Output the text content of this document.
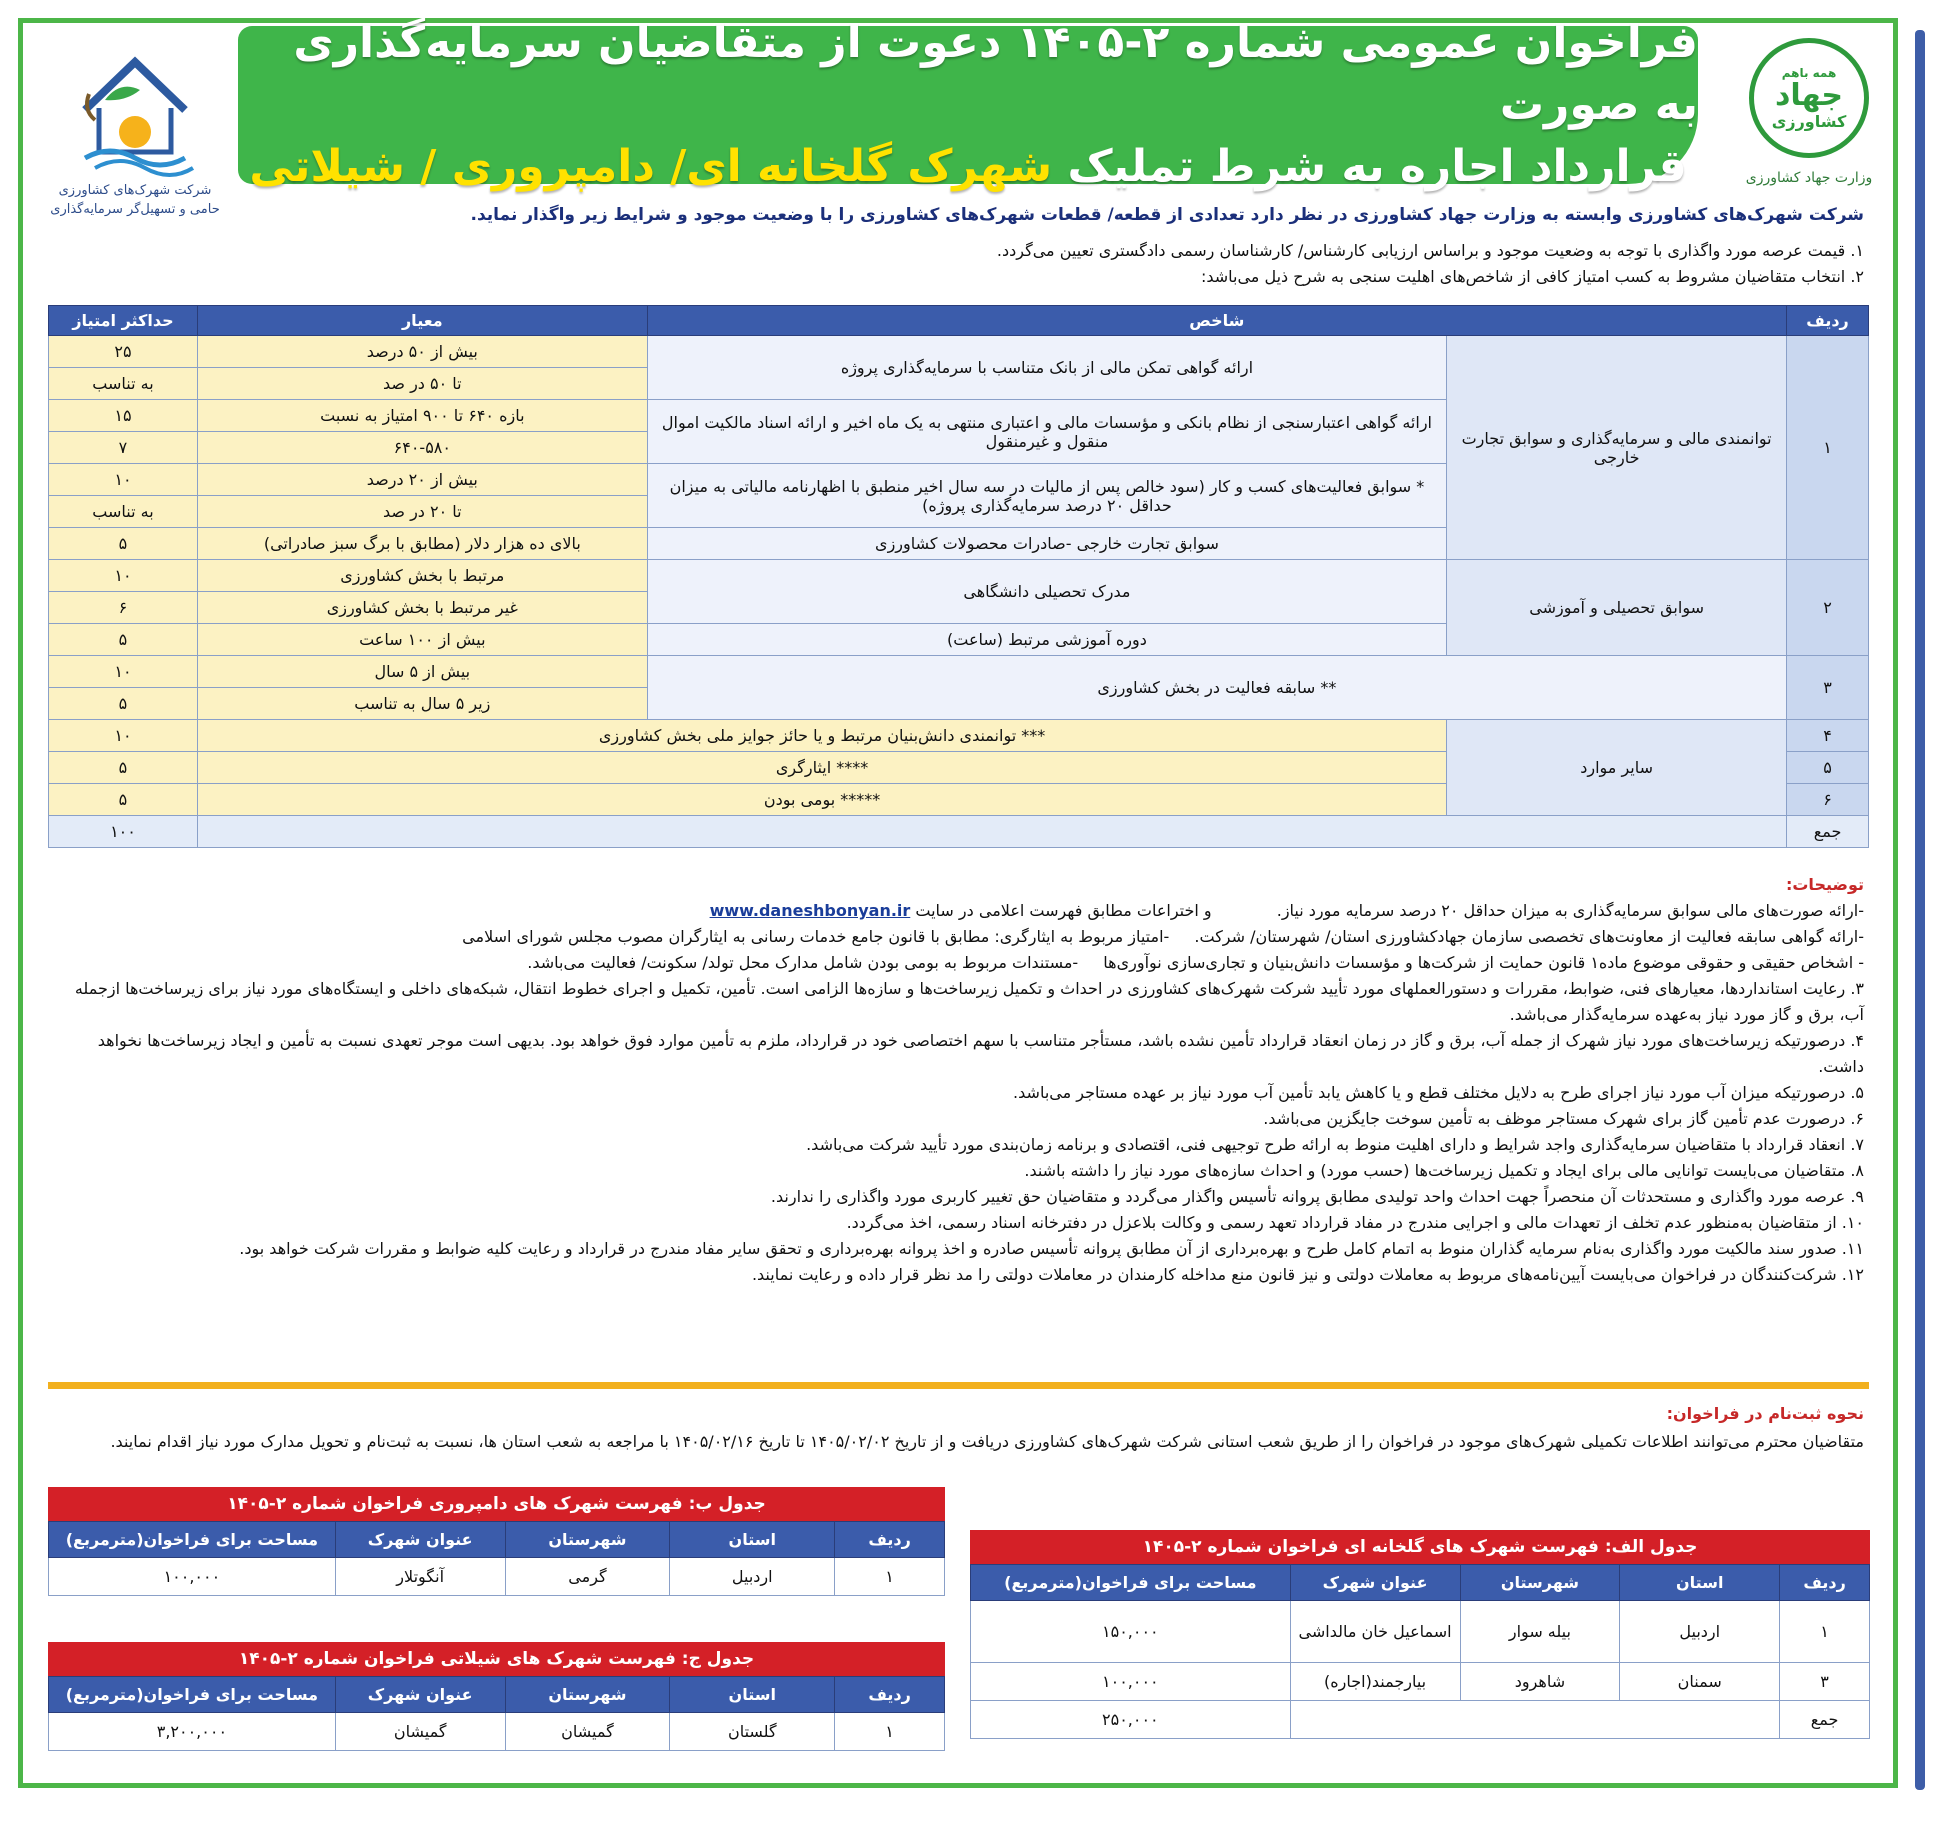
همه باهم
جهاد
کشاورزی
وزارت جهاد کشاورزی
شرکت شهرک‌های کشاورزی
حامی و تسهیل‌گر سرمایه‌گذاری
فراخوان عمومی شماره ۲-۱۴۰۵ دعوت از متقاضیان سرمایه‌گذاری به صورت
قرارداد اجاره به شرط تملیک شهرک گلخانه ای/ دامپروری / شیلاتی
شرکت شهرک‌های کشاورزی وابسته به وزارت جهاد کشاورزی در نظر دارد تعدادی از قطعه/ قطعات شهرک‌های کشاورزی را با وضعیت موجود و شرایط زیر واگذار نماید.
۱. قیمت عرصه مورد واگذاری با توجه به وضعیت موجود و براساس ارزیابی کارشناس/ کارشناسان رسمی دادگستری تعیین می‌گردد.
۲. انتخاب متقاضیان مشروط به کسب امتیاز کافی از شاخص‌های اهلیت سنجی به شرح ذیل می‌باشد:
ردیف	شاخص		معیار	حداکثر امتیاز
۱	توانمندی مالی و سرمایه‌گذاری و سوابق تجارت خارجی	ارائه گواهی تمکن مالی از بانک متناسب با سرمایه‌گذاری پروژه	بیش از ۵۰ درصد	۲۵
			تا ۵۰ در صد	به تناسب
		ارائه گواهی اعتبارسنجی از نظام بانکی و مؤسسات مالی و اعتباری منتهی به یک ماه اخیر و ارائه اسناد مالکیت اموال منقول و غیرمنقول	بازه ۶۴۰ تا ۹۰۰ امتیاز به نسبت	۱۵
			۶۴۰-۵۸۰	۷
		* سوابق فعالیت‌های کسب و کار (سود خالص پس از مالیات در سه سال اخیر منطبق با اظهارنامه مالیاتی به میزان حداقل ۲۰ درصد سرمایه‌گذاری پروژه)	بیش از ۲۰ درصد	۱۰
			تا ۲۰ در صد	به تناسب
		سوابق تجارت خارجی -صادرات محصولات کشاورزی	بالای ده هزار دلار (مطابق با برگ سبز صادراتی)	۵
۲	سوابق تحصیلی و آموزشی	مدرک تحصیلی دانشگاهی	مرتبط با بخش کشاورزی	۱۰
			غیر مرتبط با بخش کشاورزی	۶
		دوره آموزشی مرتبط (ساعت)	بیش از ۱۰۰ ساعت	۵
۳	** سابقه فعالیت در بخش کشاورزی		بیش از ۵ سال	۱۰
			زیر ۵ سال به تناسب	۵
۴	سایر موارد	*** توانمندی دانش‌بنیان مرتبط و یا حائز جوایز ملی بخش کشاورزی		۱۰
۵		**** ایثارگری		۵
۶		***** بومی بودن		۵
جمع				۱۰۰
توضیحات:
-ارائه صورت‌های مالی سوابق سرمایه‌گذاری به میزان حداقل ۲۰ درصد سرمایه مورد نیاز. و اختراعات مطابق فهرست اعلامی در سایت www.daneshbonyan.ir
-ارائه گواهی سابقه فعالیت از معاونت‌های تخصصی سازمان جهادکشاورزی استان/ شهرستان/ شرکت. -امتیاز مربوط به ایثارگری: مطابق با قانون جامع خدمات رسانی به ایثارگران مصوب مجلس شورای اسلامی
- اشخاص حقیقی و حقوقی موضوع ماده۱ قانون حمایت از شرکت‌ها و مؤسسات دانش‌بنیان و تجاری‌سازی نوآوری‌ها -مستندات مربوط به بومی بودن شامل مدارک محل تولد/ سکونت/ فعالیت می‌باشد.
۳. رعایت استانداردها، معیارهای فنی، ضوابط، مقررات و دستورالعملهای مورد تأیید شرکت شهرک‌های کشاورزی در احداث و تکمیل زیرساخت‌ها و سازه‌ها الزامی است. تأمین، تکمیل و اجرای خطوط انتقال، شبکه‌های داخلی و ایستگاه‌های مورد نیاز برای زیرساخت‌ها ازجمله آب، برق و گاز مورد نیاز به‌عهده سرمایه‌گذار می‌باشد.
۴. درصورتیکه زیرساخت‌های مورد نیاز شهرک از جمله آب، برق و گاز در زمان انعقاد قرارداد تأمین نشده باشد، مستأجر متناسب با سهم اختصاصی خود در قرارداد، ملزم به تأمین موارد فوق خواهد بود. بدیهی است موجر تعهدی نسبت به تأمین و ایجاد زیرساخت‌ها نخواهد داشت.
۵. درصورتیکه میزان آب مورد نیاز اجرای طرح به دلایل مختلف قطع و یا کاهش یابد تأمین آب مورد نیاز بر عهده مستاجر می‌باشد.
۶. درصورت عدم تأمین گاز برای شهرک مستاجر موظف به تأمین سوخت جایگزین می‌باشد.
۷. انعقاد قرارداد با متقاضیان سرمایه‌گذاری واجد شرایط و دارای اهلیت منوط به ارائه طرح توجیهی فنی، اقتصادی و برنامه زمان‌بندی مورد تأیید شرکت می‌باشد.
۸. متقاضیان می‌بایست توانایی مالی برای ایجاد و تکمیل زیرساخت‌ها (حسب مورد) و احداث سازه‌های مورد نیاز را داشته باشند.
۹. عرصه مورد واگذاری و مستحدثات آن منحصراً جهت احداث واحد تولیدی مطابق پروانه تأسیس واگذار می‌گردد و متقاضیان حق تغییر کاربری مورد واگذاری را ندارند.
۱۰. از متقاضیان به‌منظور عدم تخلف از تعهدات مالی و اجرایی مندرج در مفاد قرارداد تعهد رسمی و وکالت بلاعزل در دفترخانه اسناد رسمی، اخذ می‌گردد.
۱۱. صدور سند مالکیت مورد واگذاری به‌نام سرمایه گذاران منوط به اتمام کامل طرح و بهره‌برداری از آن مطابق پروانه تأسیس صادره و اخذ پروانه بهره‌برداری و تحقق سایر مفاد مندرج در قرارداد و رعایت کلیه ضوابط و مقررات شرکت خواهد بود.
۱۲. شرکت‌کنندگان در فراخوان می‌بایست آیین‌نامه‌های مربوط به معاملات دولتی و نیز قانون منع مداخله کارمندان در معاملات دولتی را مد نظر قرار داده و رعایت نمایند.
نحوه ثبت‌نام در فراخوان:
متقاضیان محترم می‌توانند اطلاعات تکمیلی شهرک‌های موجود در فراخوان را از طریق شعب استانی شرکت شهرک‌های کشاورزی دریافت و از تاریخ ۱۴۰۵/۰۲/۰۲ تا تاریخ ۱۴۰۵/۰۲/۱۶ با مراجعه به شعب استان ها، نسبت به ثبت‌نام و تحویل مدارک مورد نیاز اقدام نمایند.
جدول الف: فهرست شهرک های گلخانه ای فراخوان شماره ۲-۱۴۰۵
ردیف	استان	شهرستان	عنوان شهرک	مساحت برای فراخوان(مترمربع)
۱	اردبیل	بیله سوار	اسماعیل خان مالداشی	۱۵۰,۰۰۰
۳	سمنان	شاهرود	بیارجمند(اجاره)	۱۰۰,۰۰۰
جمع				۲۵۰,۰۰۰
جدول ب: فهرست شهرک های دامپروری فراخوان شماره ۲-۱۴۰۵
ردیف	استان	شهرستان	عنوان شهرک	مساحت برای فراخوان(مترمربع)
۱	اردبیل	گرمی	آنگوتلار	۱۰۰,۰۰۰
جدول ج: فهرست شهرک های شیلاتی فراخوان شماره ۲-۱۴۰۵
ردیف	استان	شهرستان	عنوان شهرک	مساحت برای فراخوان(مترمربع)
۱	گلستان	گمیشان	گمیشان	۳,۲۰۰,۰۰۰
